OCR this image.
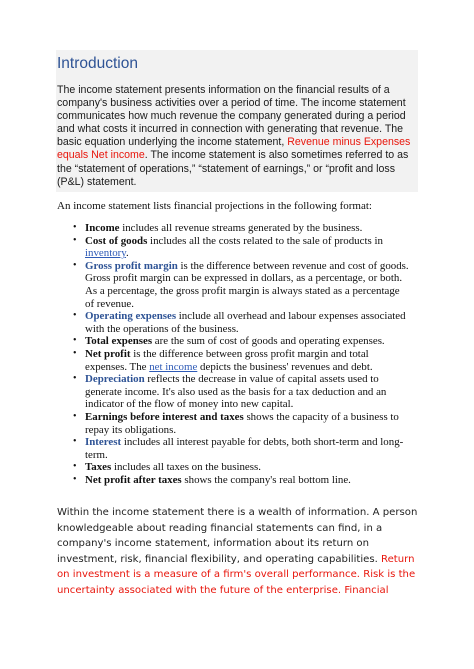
Introduction

The income statement presents information on the financial results of a company's business activities over a period of time. The income statement communicates how much revenue the company generated during a period and what costs it incurred in connection with generating that revenue. The basic equation underlying the income statement, Revenue minus Expenses equals Net income. The income statement is also sometimes referred to as the “statement of operations,” “statement of earnings,” or “profit and loss (P&L) statement.

An income statement lists financial projections in the following format:

• Income includes all revenue streams generated by the business.
• Cost of goods includes all the costs related to the sale of products in inventory.
• Gross profit margin is the difference between revenue and cost of goods. Gross profit margin can be expressed in dollars, as a percentage, or both. As a percentage, the gross profit margin is always stated as a percentage of revenue.
• Operating expenses include all overhead and labour expenses associated with the operations of the business.
• Total expenses are the sum of cost of goods and operating expenses.
• Net profit is the difference between gross profit margin and total expenses. The net income depicts the business' revenues and debt.
• Depreciation reflects the decrease in value of capital assets used to generate income. It's also used as the basis for a tax deduction and an indicator of the flow of money into new capital.
• Earnings before interest and taxes shows the capacity of a business to repay its obligations.
• Interest includes all interest payable for debts, both short-term and long-term.
• Taxes includes all taxes on the business.
• Net profit after taxes shows the company's real bottom line.

Within the income statement there is a wealth of information. A person knowledgeable about reading financial statements can find, in a company's income statement, information about its return on investment, risk, financial flexibility, and operating capabilities. Return on investment is a measure of a firm's overall performance. Risk is the uncertainty associated with the future of the enterprise. Financial
